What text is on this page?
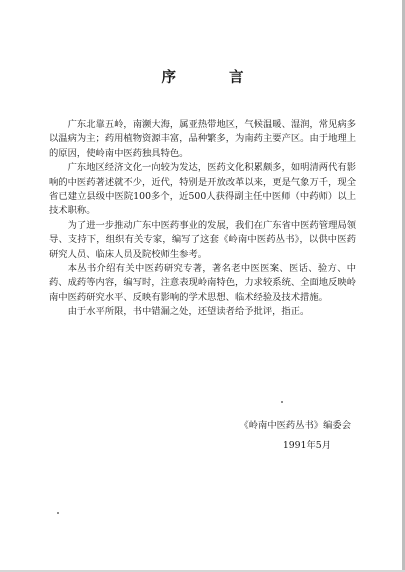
序 言

广东北靠五岭，南濒大海，属亚热带地区，气候温暖、湿润，常见病多以温病为主；药用植物资源丰富，品种繁多，为南药主要产区。由于地理上的原因，使岭南中医药独具特色。

广东地区经济文化一向较为发达，医药文化积累颇多，如明清两代有影响的中医药著述就不少，近代，特别是开放改革以来，更是气象万千，现全省已建立县级中医院100多个，近500人获得副主任中医师（中药师）以上技术职称。

为了进一步推动广东中医药事业的发展，我们在广东省中医药管理局领导、支持下，组织有关专家，编写了这套《岭南中医药丛书》，以供中医药研究人员、临床人员及院校师生参考。

本丛书介绍有关中医药研究专著，著名老中医医案、医话、验方、中药、成药等内容，编写时，注意表现岭南特色，力求较系统、全面地反映岭南中医药研究水平、反映有影响的学术思想、临术经验及技术措施。

由于水平所限，书中错漏之处，还望读者给予批评，指正。

《岭南中医药丛书》编委会
1991年5月
